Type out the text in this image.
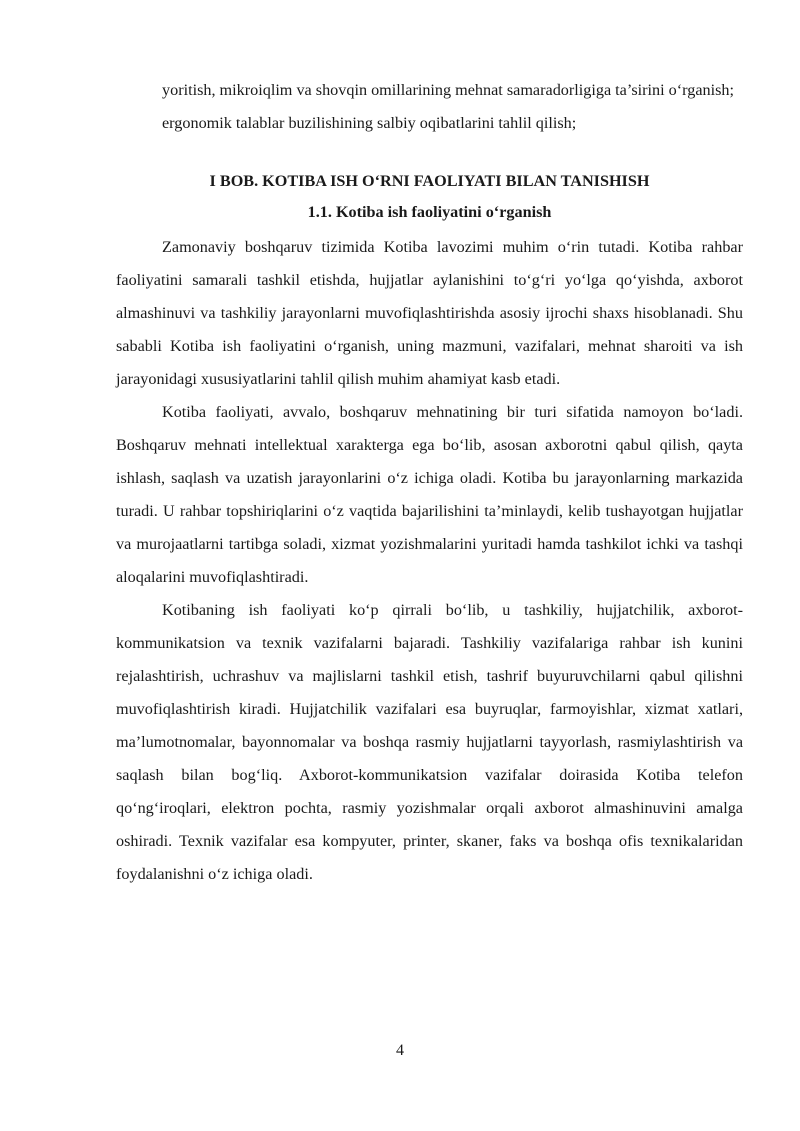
yoritish, mikroiqlim va shovqin omillarining mehnat samaradorligiga ta’sirini o‘rganish;

ergonomik talablar buzilishining salbiy oqibatlarini tahlil qilish;

I BOB. KOTIBA ISH O‘RNI FAOLIYATI BILAN TANISHISH

1.1. Kotiba ish faoliyatini o‘rganish

Zamonaviy boshqaruv tizimida Kotiba lavozimi muhim o‘rin tutadi. Kotiba rahbar faoliyatini samarali tashkil etishda, hujjatlar aylanishini to‘g‘ri yo‘lga qo‘yishda, axborot almashinuvi va tashkiliy jarayonlarni muvofiqlashtirishda asosiy ijrochi shaxs hisoblanadi. Shu sababli Kotiba ish faoliyatini o‘rganish, uning mazmuni, vazifalari, mehnat sharoiti va ish jarayonidagi xususiyatlarini tahlil qilish muhim ahamiyat kasb etadi.

Kotiba faoliyati, avvalo, boshqaruv mehnatining bir turi sifatida namoyon bo‘ladi. Boshqaruv mehnati intellektual xarakterga ega bo‘lib, asosan axborotni qabul qilish, qayta ishlash, saqlash va uzatish jarayonlarini o‘z ichiga oladi. Kotiba bu jarayonlarning markazida turadi. U rahbar topshiriqlarini o‘z vaqtida bajarilishini ta’minlaydi, kelib tushayotgan hujjatlar va murojaatlarni tartibga soladi, xizmat yozishmalarini yuritadi hamda tashkilot ichki va tashqi aloqalarini muvofiqlashtiradi.

Kotibaning ish faoliyati ko‘p qirrali bo‘lib, u tashkiliy, hujjatchilik, axborot-kommunikatsion va texnik vazifalarni bajaradi. Tashkiliy vazifalariga rahbar ish kunini rejalashtirish, uchrashuv va majlislarni tashkil etish, tashrif buyuruvchilarni qabul qilishni muvofiqlashtirish kiradi. Hujjatchilik vazifalari esa buyruqlar, farmoyishlar, xizmat xatlari, ma’lumotnomalar, bayonnomalar va boshqa rasmiy hujjatlarni tayyorlash, rasmiylashtirish va saqlash bilan bog‘liq. Axborot-kommunikatsion vazifalar doirasida Kotiba telefon qo‘ng‘iroqlari, elektron pochta, rasmiy yozishmalar orqali axborot almashinuvini amalga oshiradi. Texnik vazifalar esa kompyuter, printer, skaner, faks va boshqa ofis texnikalaridan foydalanishni o‘z ichiga oladi.

4
